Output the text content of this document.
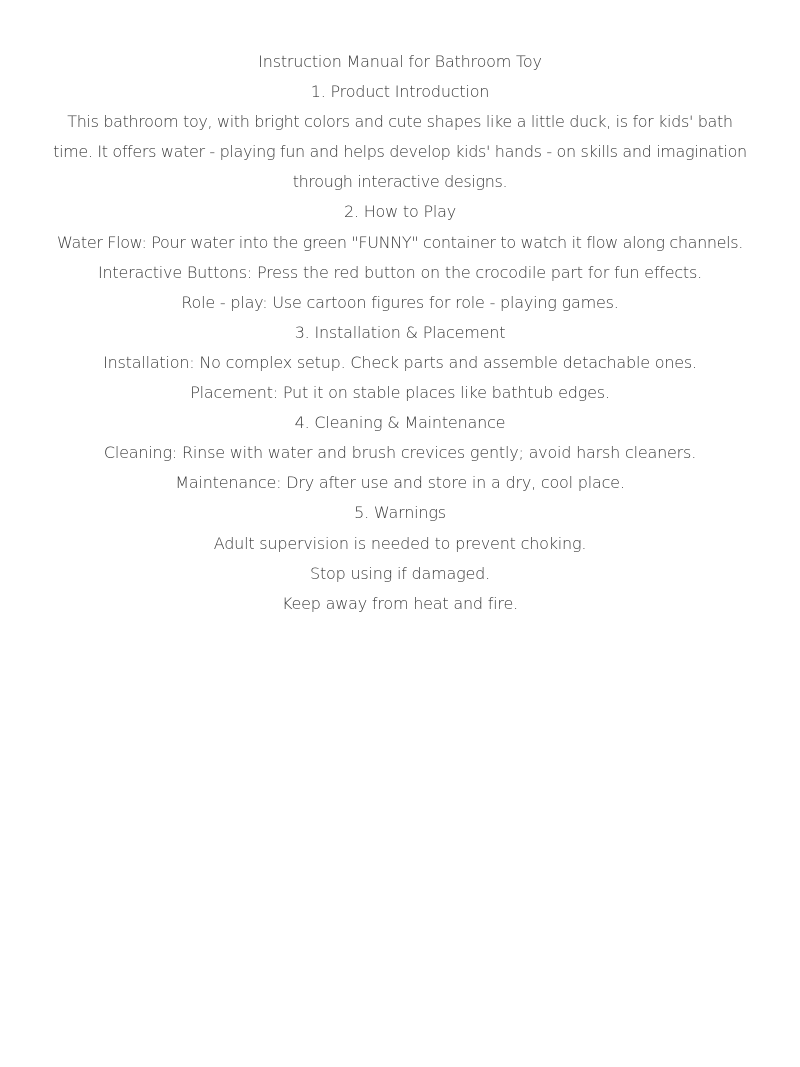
Instruction Manual for Bathroom Toy

1. Product Introduction

This bathroom toy, with bright colors and cute shapes like a little duck, is for kids' bath time. It offers water - playing fun and helps develop kids' hands - on skills and imagination through interactive designs.

2. How to Play

Water Flow: Pour water into the green "FUNNY" container to watch it flow along channels.

Interactive Buttons: Press the red button on the crocodile part for fun effects.

Role - play: Use cartoon figures for role - playing games.

3. Installation & Placement

Installation: No complex setup. Check parts and assemble detachable ones.

Placement: Put it on stable places like bathtub edges.

4. Cleaning & Maintenance

Cleaning: Rinse with water and brush crevices gently; avoid harsh cleaners.

Maintenance: Dry after use and store in a dry, cool place.

5. Warnings

Adult supervision is needed to prevent choking.

Stop using if damaged.

Keep away from heat and fire.
